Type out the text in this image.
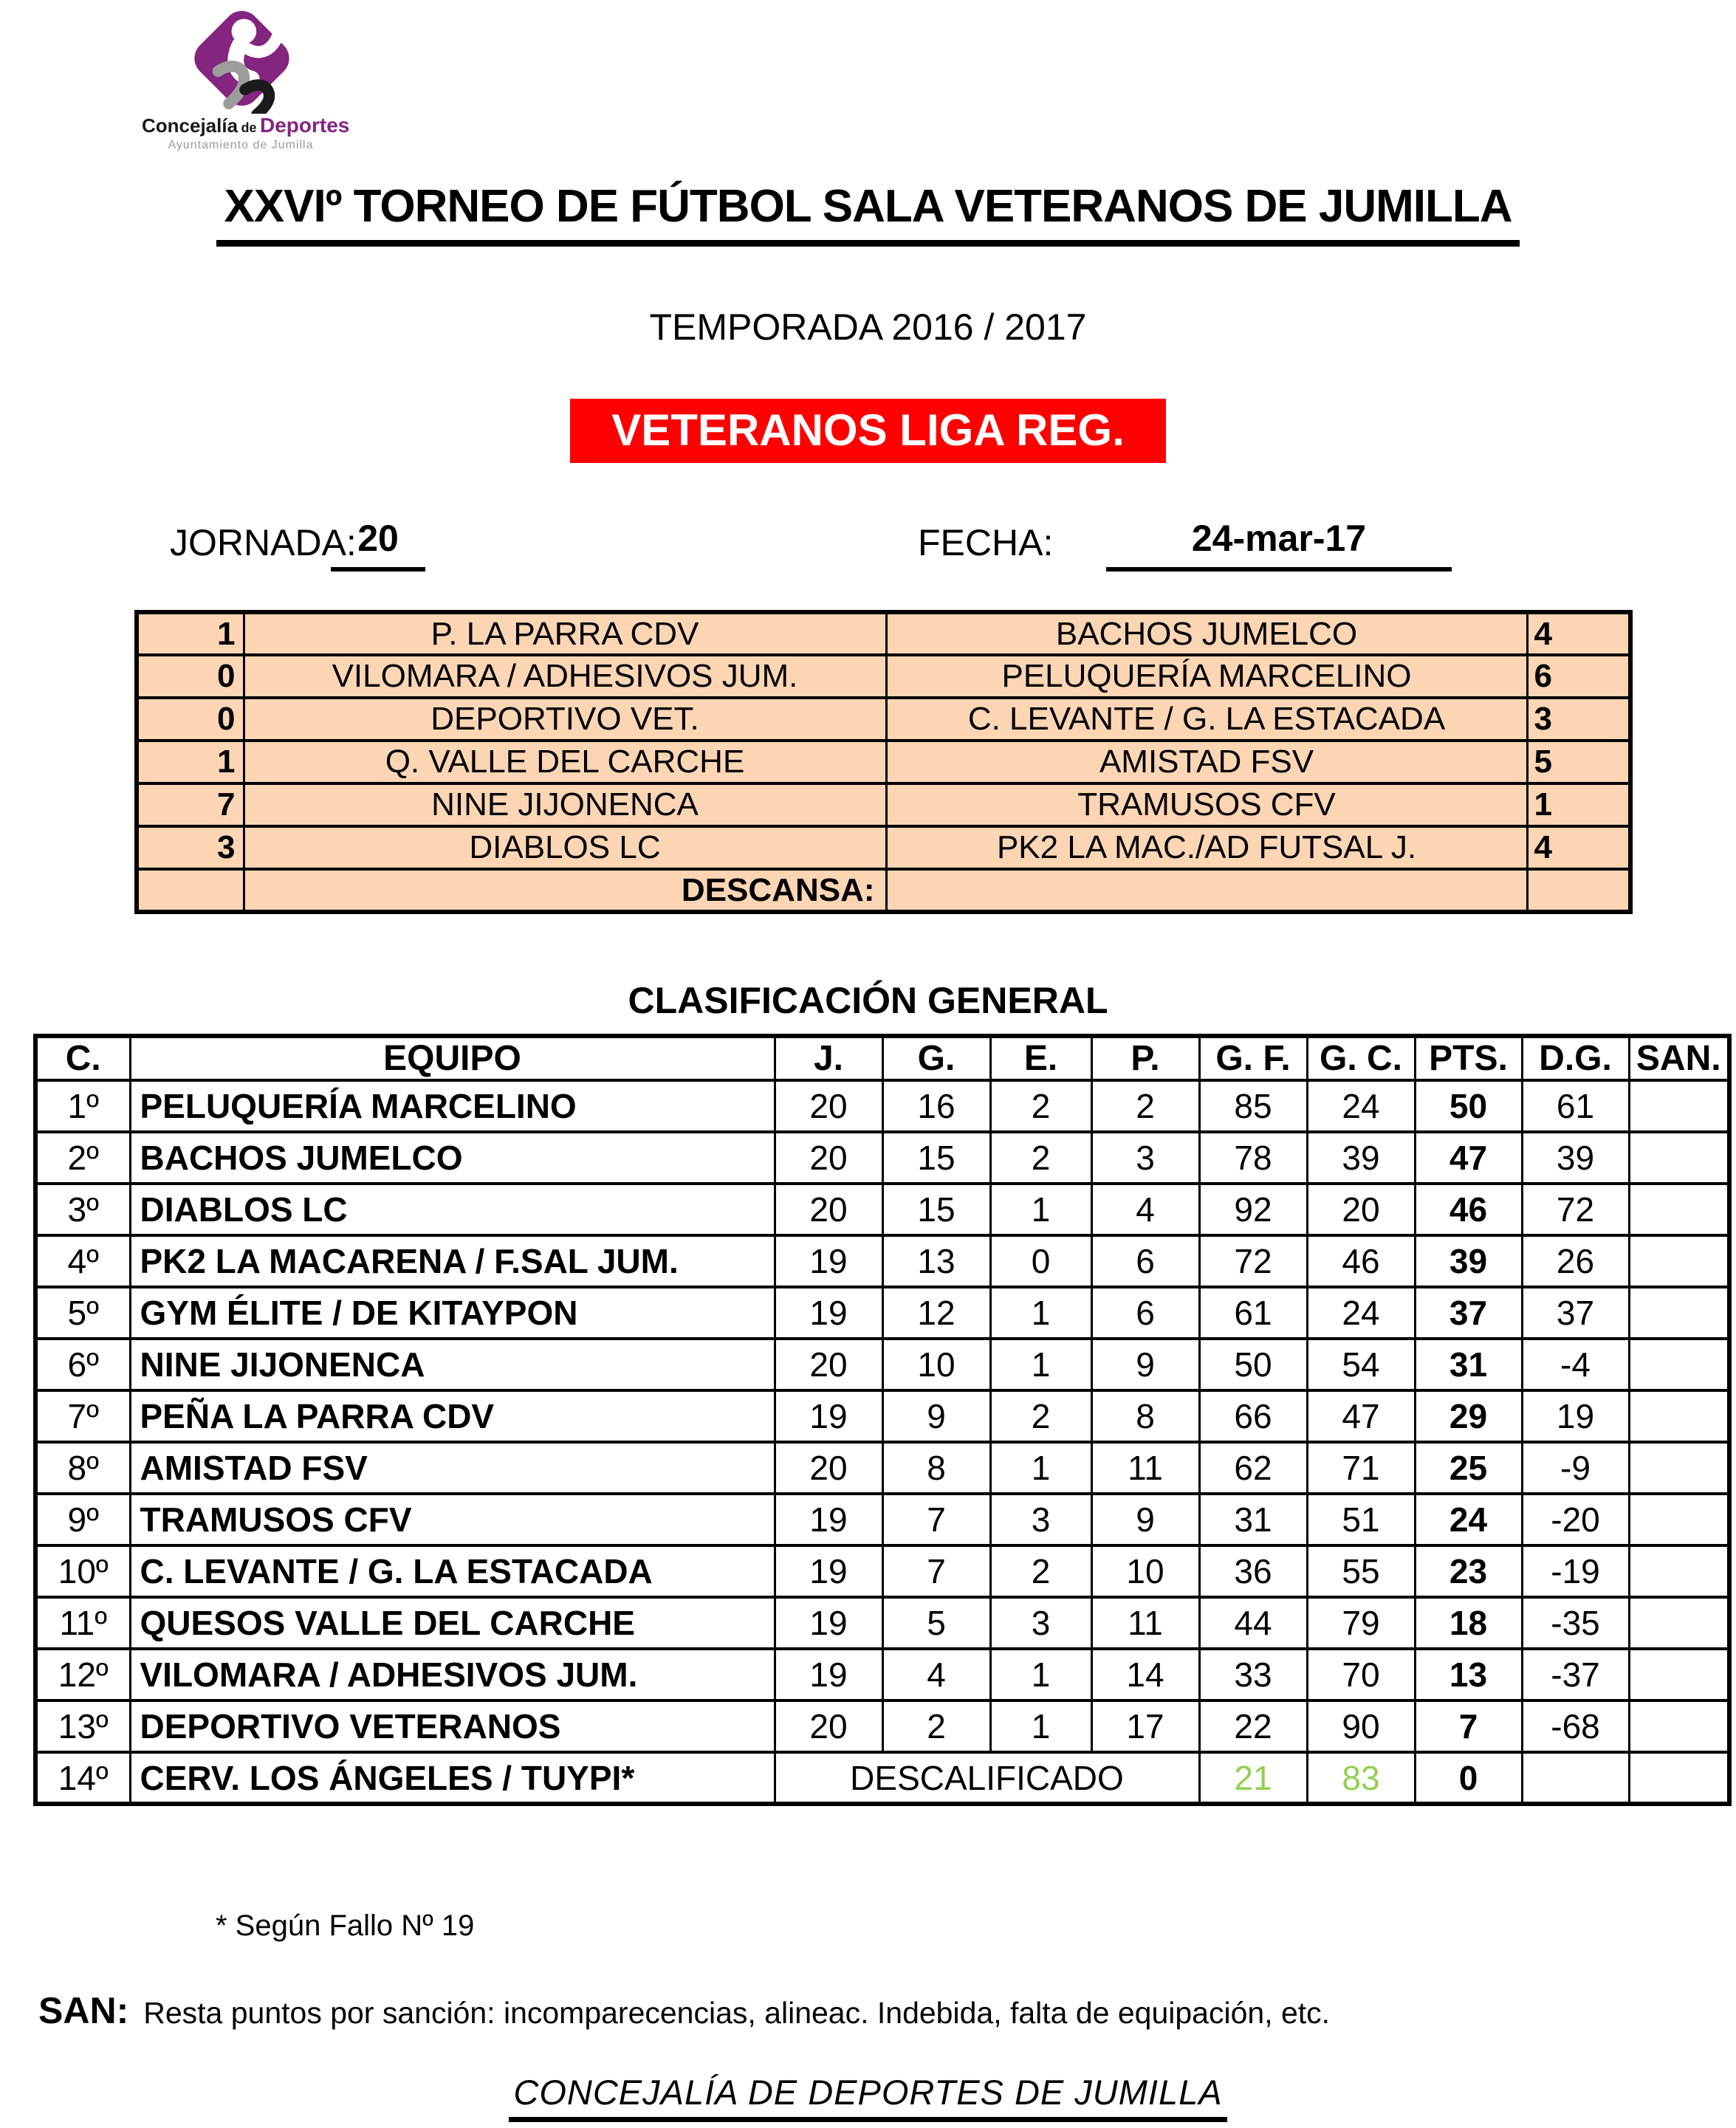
Concejalía de Deportes
Ayuntamiento de Jumilla
XXVIº TORNEO DE FÚTBOL SALA VETERANOS DE JUMILLA
TEMPORADA 2016 / 2017
VETERANOS LIGA REG.
JORNADA: 20	FECHA:	24-mar-17
1	P. LA PARRA CDV	BACHOS JUMELCO	4
0	VILOMARA / ADHESIVOS JUM.	PELUQUERÍA MARCELINO	6
0	DEPORTIVO VET.	C. LEVANTE / G. LA ESTACADA	3
1	Q. VALLE DEL CARCHE	AMISTAD FSV	5
7	NINE JIJONENCA	TRAMUSOS CFV	1
3	DIABLOS LC	PK2 LA MAC./AD FUTSAL J.	4
	DESCANSA:		
CLASIFICACIÓN GENERAL
C.	EQUIPO	J.	G.	E.	P.	G. F.	G. C.	PTS.	D.G.	SAN.
1º	PELUQUERÍA MARCELINO	20	16	2	2	85	24	50	61	
2º	BACHOS JUMELCO	20	15	2	3	78	39	47	39	
3º	DIABLOS LC	20	15	1	4	92	20	46	72	
4º	PK2 LA MACARENA / F.SAL JUM.	19	13	0	6	72	46	39	26	
5º	GYM ÉLITE / DE KITAYPON	19	12	1	6	61	24	37	37	
6º	NINE JIJONENCA	20	10	1	9	50	54	31	-4	
7º	PEÑA LA PARRA CDV	19	9	2	8	66	47	29	19	
8º	AMISTAD FSV	20	8	1	11	62	71	25	-9	
9º	TRAMUSOS CFV	19	7	3	9	31	51	24	-20	
10º	C. LEVANTE / G. LA ESTACADA	19	7	2	10	36	55	23	-19	
11º	QUESOS VALLE DEL CARCHE	19	5	3	11	44	79	18	-35	
12º	VILOMARA / ADHESIVOS JUM.	19	4	1	14	33	70	13	-37	
13º	DEPORTIVO VETERANOS	20	2	1	17	22	90	7	-68	
14º	CERV. LOS ÁNGELES / TUYPI*	DESCALIFICADO				21	83	0		
* Según Fallo Nº 19
SAN: Resta puntos por sanción: incomparecencias, alineac. Indebida, falta de equipación, etc.
CONCEJALÍA DE DEPORTES DE JUMILLA
